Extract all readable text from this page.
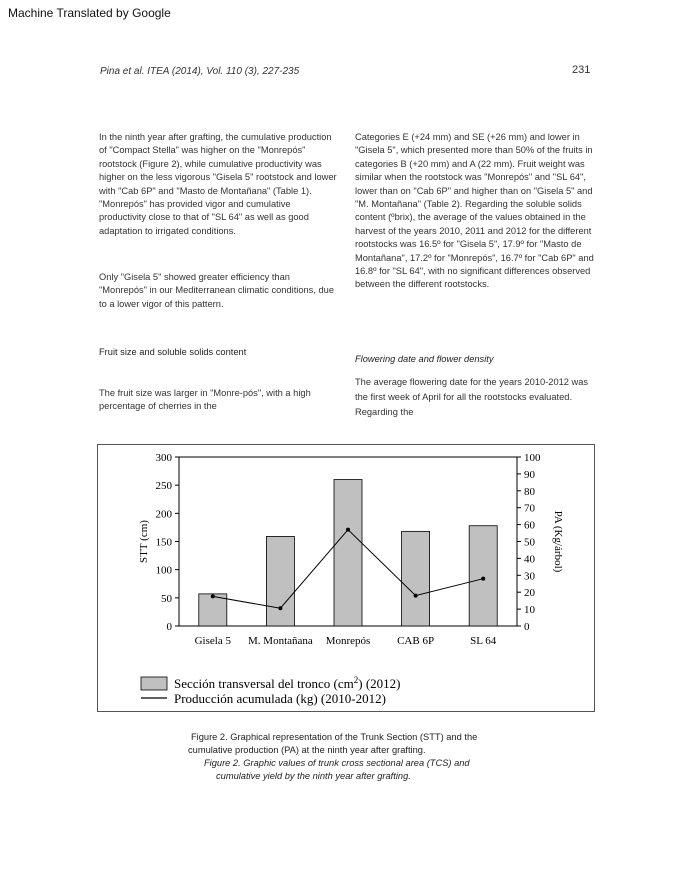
Machine Translated by Google
Pina et al. ITEA (2014), Vol. 110 (3), 227-235	231

In the ninth year after grafting, the cumulative production of "Compact Stella" was higher on the "Monrepós" rootstock (Figure 2), while cumulative productivity was higher on the less vigorous "Gisela 5" rootstock and lower with "Cab 6P" and "Masto de Montañana" (Table 1). "Monrepós" has provided vigor and cumulative productivity close to that of "SL 64" as well as good adaptation to irrigated conditions.

Only "Gisela 5" showed greater efficiency than "Monrepós" in our Mediterranean climatic conditions, due to a lower vigor of this pattern.

Fruit size and soluble solids content

The fruit size was larger in "Monre-pós", with a high percentage of cherries in the

Categories E (+24 mm) and SE (+26 mm) and lower in "Gisela 5", which presented more than 50% of the fruits in categories B (+20 mm) and A (22 mm). Fruit weight was similar when the rootstock was "Monrepós" and "SL 64", lower than on "Cab 6P" and higher than on "Gisela 5" and "M. Montañana" (Table 2). Regarding the soluble solids content (ºbrix), the average of the values obtained in the harvest of the years 2010, 2011 and 2012 for the different rootstocks was 16.5º for "Gisela 5", 17.9º for "Masto de Montañana", 17.2º for "Monrepós", 16.7º for "Cab 6P" and 16.8º for "SL 64", with no significant differences observed between the different rootstocks.

Flowering date and flower density

The average flowering date for the years 2010-2012 was the first week of April for all the rootstocks evaluated. Regarding the

0
50
100
150
200
250
300
0
10
20
30
40
50
60
70
80
90
100
STT (cm)	PA (Kg/árbol)
Gisela 5 M. Montañana Monrepós CAB 6P	SL 64
Sección transversal del tronco $(cm^2)$ (2012)
Producción acumulada (kg) (2010-2012)
Figure 2. Graphical representation of the Trunk Section (STT) and the
cumulative production (PA) at the ninth year after grafting.
Figure 2. Graphic values of trunk cross sectional area (TCS) and
cumulative yield by the ninth year after grafting.
